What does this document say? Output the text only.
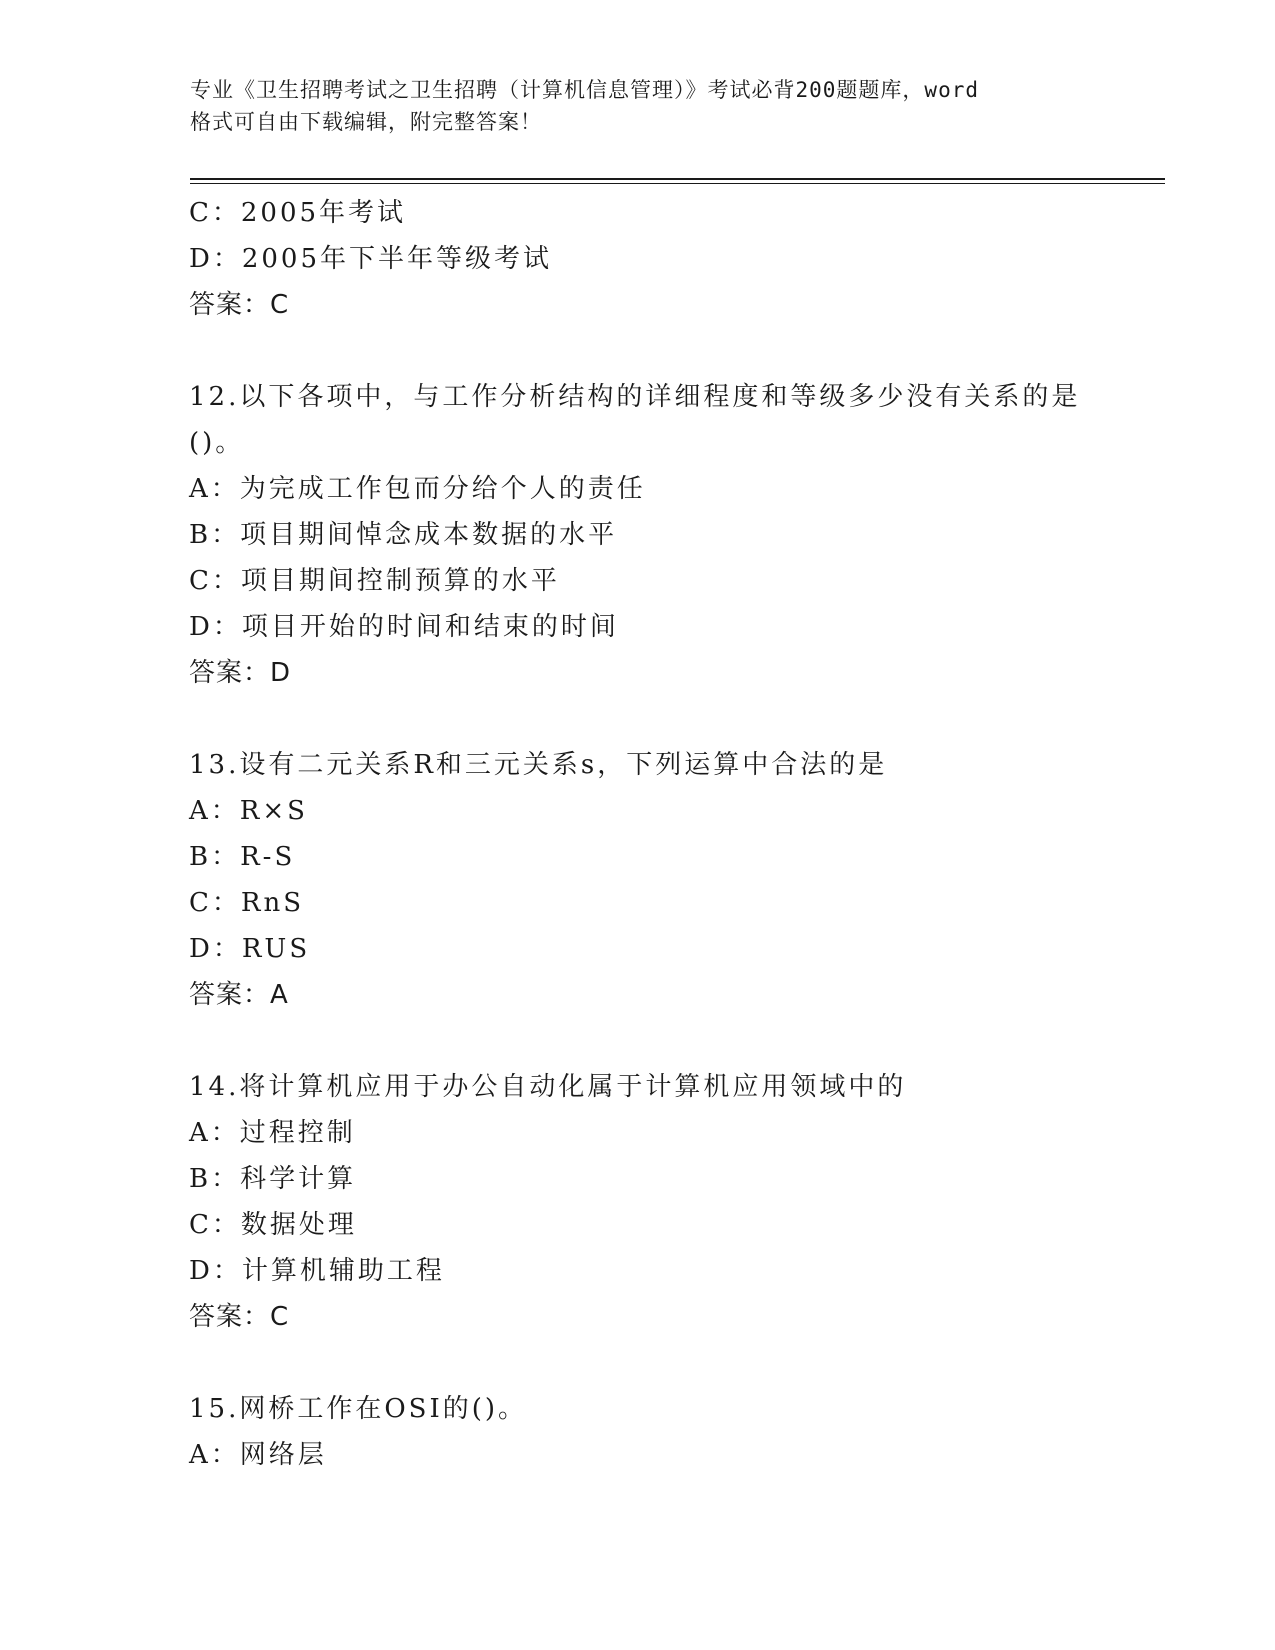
专业《卫生招聘考试之卫生招聘（计算机信息管理）》考试必背200题题库，word
格式可自由下载编辑，附完整答案！
C：2005年考试
D：2005年下半年等级考试
答案：C
12.以下各项中，与工作分析结构的详细程度和等级多少没有关系的是
()。
A：为完成工作包而分给个人的责任
B：项目期间悼念成本数据的水平
C：项目期间控制预算的水平
D：项目开始的时间和结束的时间
答案：D
13.设有二元关系R和三元关系s，下列运算中合法的是
A：R×S
B：R-S
C：RnS
D：RUS
答案：A
14.将计算机应用于办公自动化属于计算机应用领域中的
A：过程控制
B：科学计算
C：数据处理
D：计算机辅助工程
答案：C
15.网桥工作在OSI的()。
A：网络层
